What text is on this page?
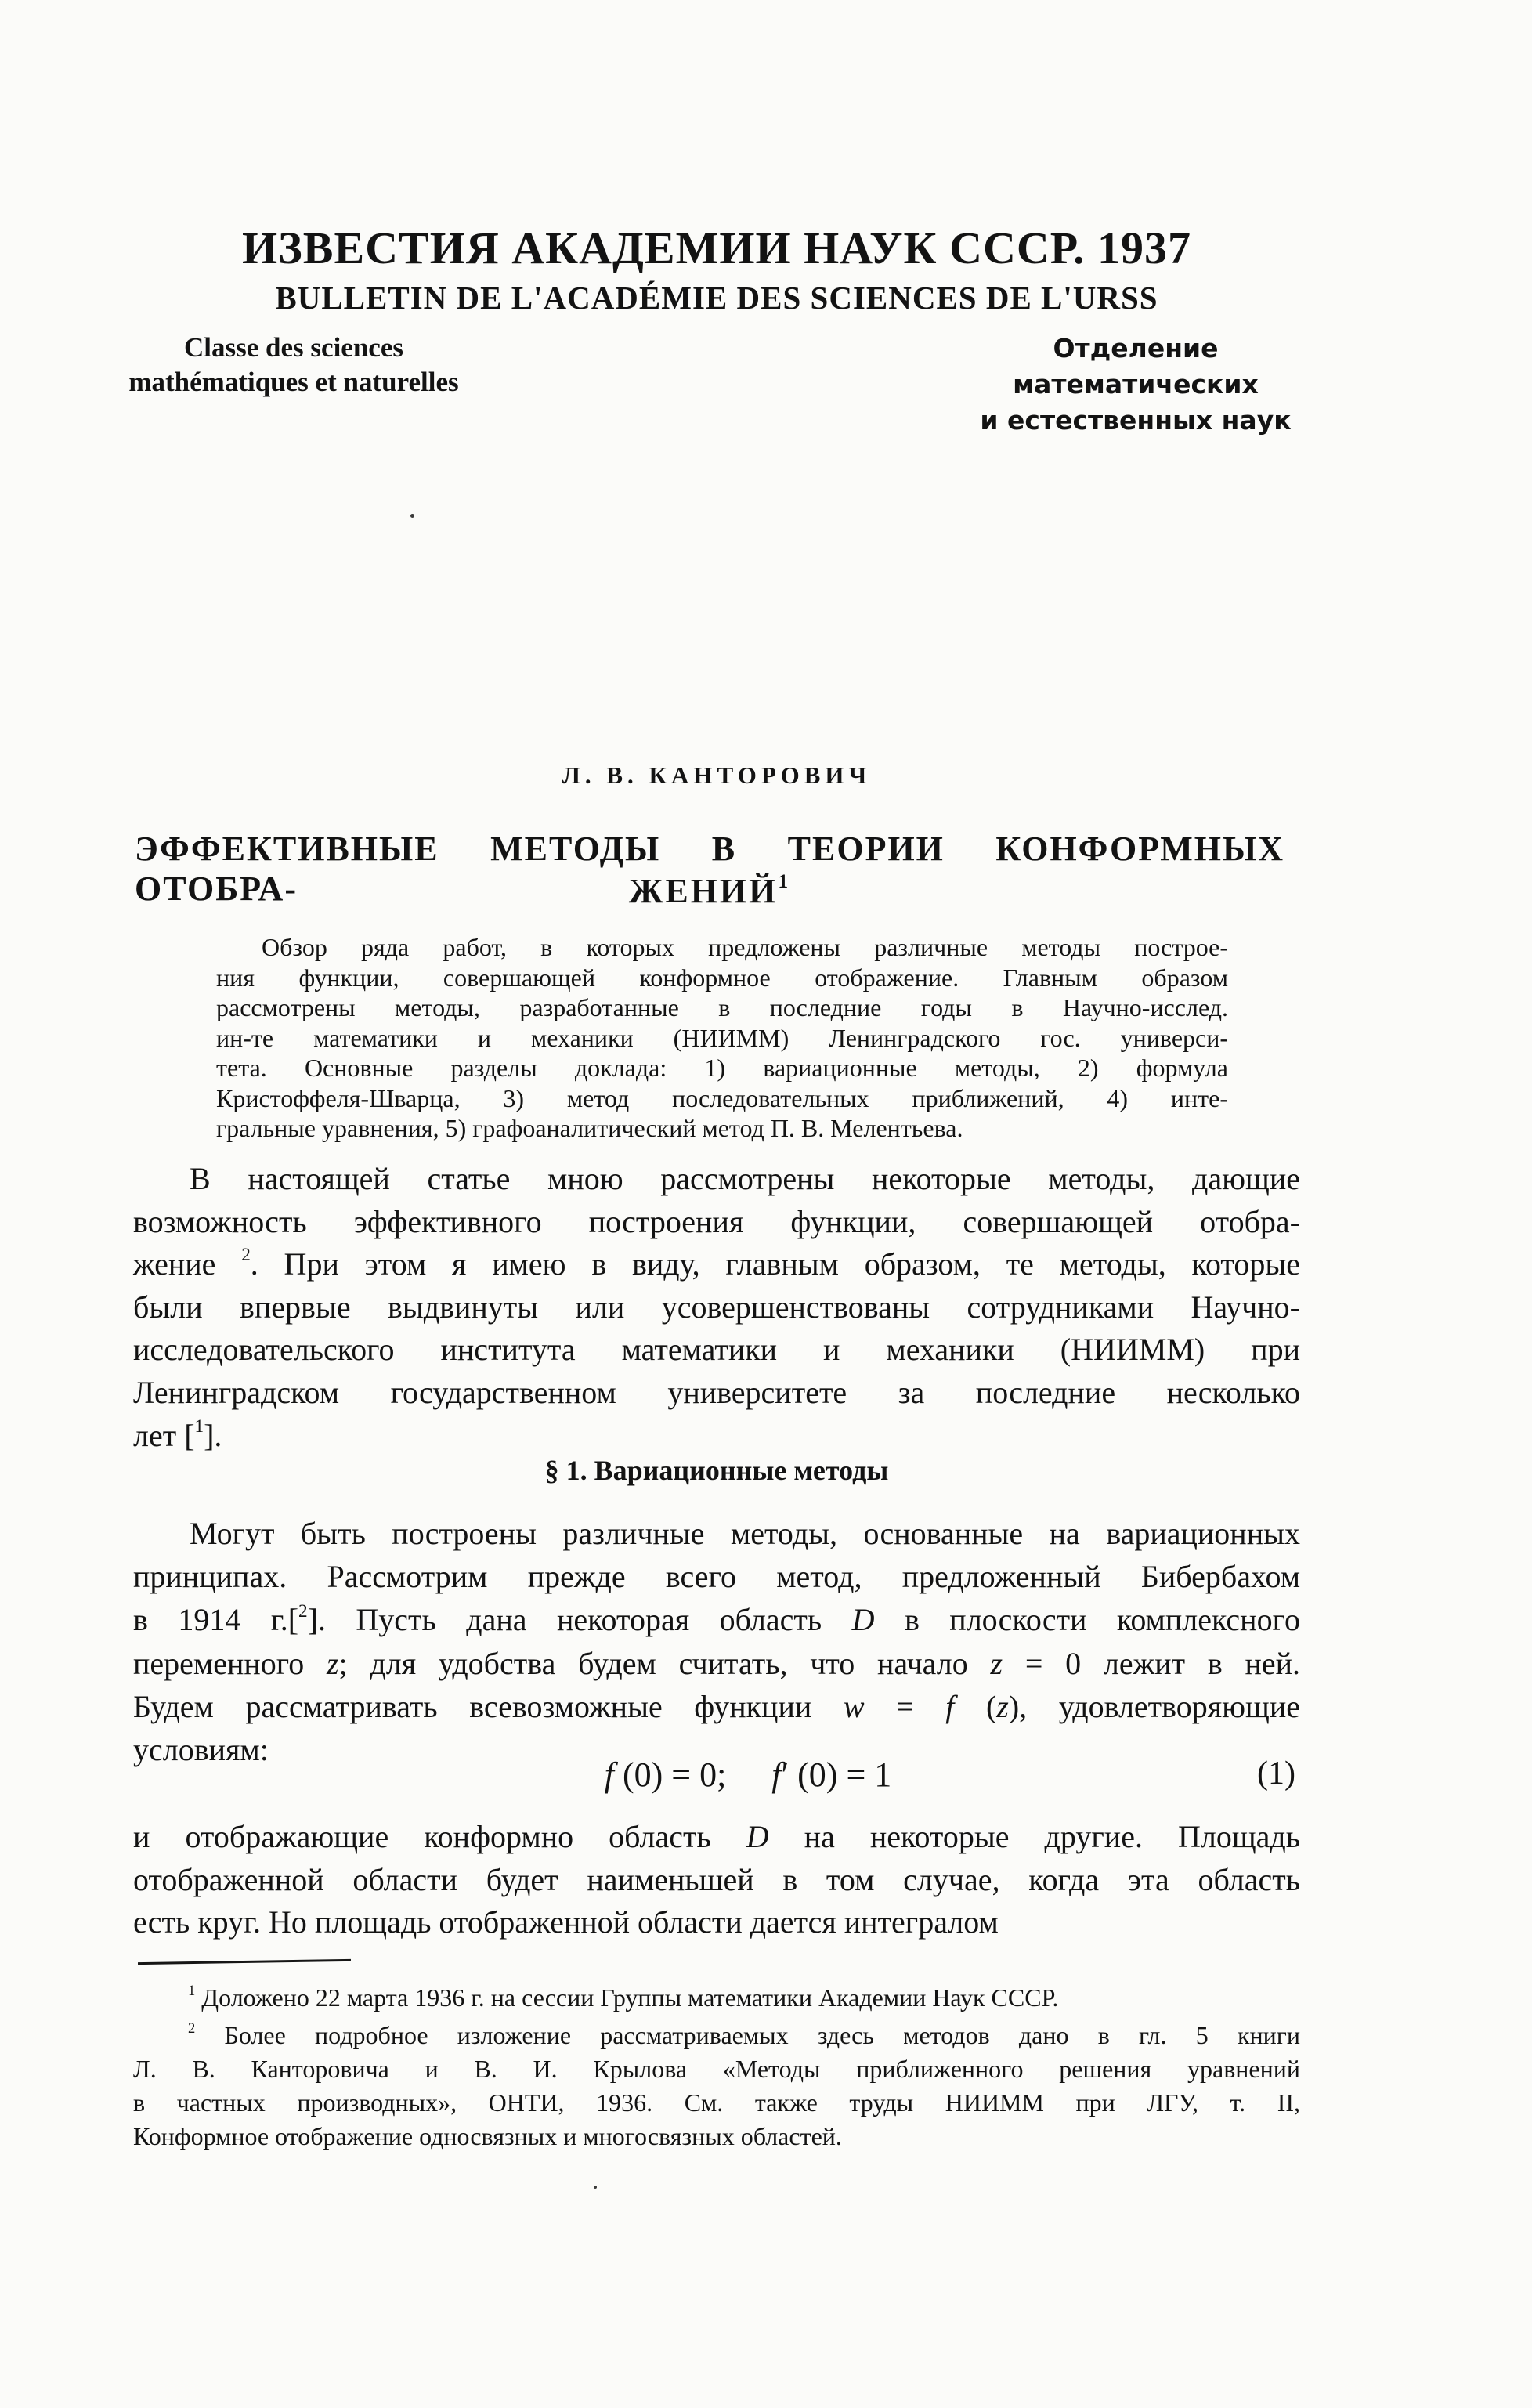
ИЗВЕСТИЯ АКАДЕМИИ НАУК СССР. 1937
BULLETIN DE L'ACADÉMIE DES SCIENCES DE L'URSS
Classe des sciences
mathématiques et naturelles
Отделение математических
и естественных наук
Л. В. КАНТОРОВИЧ
ЭФФЕКТИВНЫЕ МЕТОДЫ В ТЕОРИИ КОНФОРМНЫХ ОТОБРА-	ЖЕНИЙ$^1$
Обзор ряда работ, в которых предложены различные методы построе-
ния функции, совершающей конформное отображение. Главным образом
рассмотрены методы, разработанные в последние годы в Научно-исслед.
ин-те математики и механики (НИИММ) Ленинградского гос. универси-
тета. Основные разделы доклада: 1) вариационные методы, 2) формула
Кристоффеля-Шварца, 3) метод последовательных приближений, 4) инте-
гральные уравнения, 5) графоаналитический метод П. В. Мелентьева.
В настоящей статье мною рассмотрены некоторые методы, дающие
возможность эффективного построения функции, совершающей отобра-
жение $^2$. При этом я имею в виду, главным образом, те методы, которые
были впервые выдвинуты или усовершенствованы сотрудниками Научно-
исследовательского института математики и механики (НИИММ) при
Ленинградском государственном университете за последние несколько
лет [$^1$].
§ 1. Вариационные методы
Могут быть построены различные методы, основанные на вариационных
принципах. Рассмотрим прежде всего метод, предложенный Бибербахом
в 1914 г.[$^2$]. Пусть дана некоторая область D в плоскости комплексного
переменного z; для удобства будем считать, что начало z = 0 лежит в ней.
Будем рассматривать всевозможные функции w = f (z), удовлетворяющие
условиям:
f (0) = 0; f′ (0) = 1	(1)
и отображающие конформно область D на некоторые другие. Площадь
отображенной области будет наименьшей в том случае, когда эта область
есть круг. Но площадь отображенной области дается интегралом
$^1$ Доложено 22 марта 1936 г. на сессии Группы математики Академии Наук СССР.
$^2$ Более подробное изложение рассматриваемых здесь методов дано в гл. 5 книги
Л. В. Канторовича и В. И. Крылова «Методы приближенного решения уравнений
в частных производных», ОНТИ, 1936. См. также труды НИИММ при ЛГУ, т. II,
Конформное отображение односвязных и многосвязных областей.
